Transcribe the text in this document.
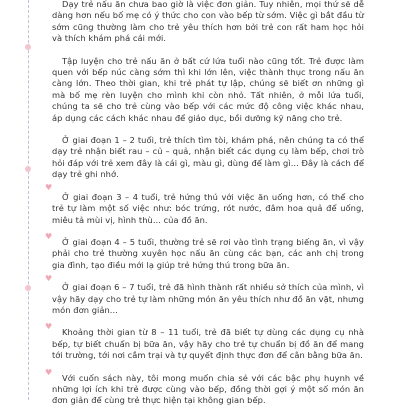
♥
♥
♥
♥
♥

Dạy trẻ nấu ăn chưa bao giờ là việc đơn giản. Tuy nhiên, mọi thứ sẽ dễ dàng hơn nếu bố mẹ có ý thức cho con vào bếp từ sớm. Việc gì bắt đầu từ sớm cũng thường làm cho trẻ yêu thích hơn bởi trẻ con rất ham học hỏi và thích khám phá cái mới.

Tập luyện cho trẻ nấu ăn ở bất cứ lứa tuổi nào cũng tốt. Trẻ được làm quen với bếp núc càng sớm thì khi lớn lên, việc thành thục trong nấu ăn càng lớn. Theo thời gian, khi trẻ phát tự lập, chúng sẽ biết ơn những gì mà bố mẹ rèn luyện cho mình khi còn nhỏ. Tất nhiên, ở mỗi lứa tuổi, chúng ta sẽ cho trẻ cùng vào bếp với các mức độ công việc khác nhau, áp dụng các cách khác nhau để giáo dục, bồi dưỡng kỹ năng cho trẻ.

Ở giai đoạn 1 – 2 tuổi, trẻ thích tìm tòi, khám phá, nên chúng ta có thể dạy trẻ nhận biết rau – củ – quả, nhận biết các dụng cụ làm bếp, chơi trò hỏi đáp với trẻ xem đây là cái gì, màu gì, dùng để làm gì... Đây là cách để dạy trẻ ghi nhớ.

Ở giai đoạn 3 – 4 tuổi, trẻ hứng thú với việc ăn uống hơn, có thể cho trẻ tự làm một số việc như: bóc trứng, rót nước, đâm hoa quả để uống, miêu tả mùi vị, hình thù... của đồ ăn.

Ở giai đoạn 4 – 5 tuổi, thường trẻ sẽ rơi vào tình trạng biếng ăn, vì vậy phải cho trẻ thường xuyên học nấu ăn cùng các bạn, các anh chị trong gia đình, tạo điều mới lạ giúp trẻ hứng thú trong bữa ăn.

Ở giai đoạn 6 – 7 tuổi, trẻ đã hình thành rất nhiều sở thích của mình, vì vậy hãy dạy cho trẻ tự làm những món ăn yêu thích như đồ ăn vặt, nhưng món đơn giản...

Khoảng thời gian từ 8 – 11 tuổi, trẻ đã biết tự dùng các dụng cụ nhà bếp, tự biết chuẩn bị bữa ăn, vậy hãy cho trẻ tự chuẩn bị đồ ăn để mang tới trường, tới nơi cắm trại và tự quyết định thực đơn để cân bằng bữa ăn.

Với cuốn sách này, tôi mong muốn chia sẻ với các bậc phụ huynh về những lợi ích khi trẻ được cùng vào bếp, đồng thời gợi ý một số món ăn đơn giản để cùng trẻ thực hiện tại không gian bếp.
